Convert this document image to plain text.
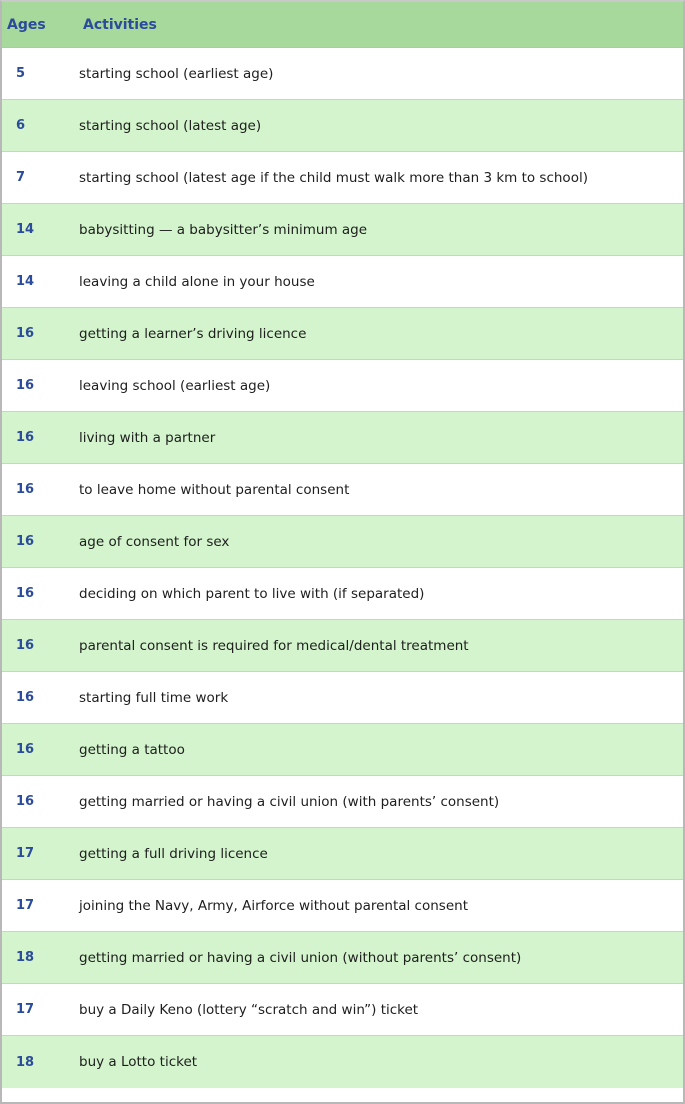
Ages	Activities
5	starting school (earliest age)
6	starting school (latest age)
7	starting school (latest age if the child must walk more than 3 km to school)
14	babysitting — a babysitter’s minimum age
14	leaving a child alone in your house
16	getting a learner’s driving licence
16	leaving school (earliest age)
16	living with a partner
16	to leave home without parental consent
16	age of consent for sex
16	deciding on which parent to live with (if separated)
16	parental consent is required for medical/dental treatment
16	starting full time work
16	getting a tattoo
16	getting married or having a civil union (with parents’ consent)
17	getting a full driving licence
17	joining the Navy, Army, Airforce without parental consent
18	getting married or having a civil union (without parents’ consent)
17	buy a Daily Keno (lottery “scratch and win”) ticket
18	buy a Lotto ticket
